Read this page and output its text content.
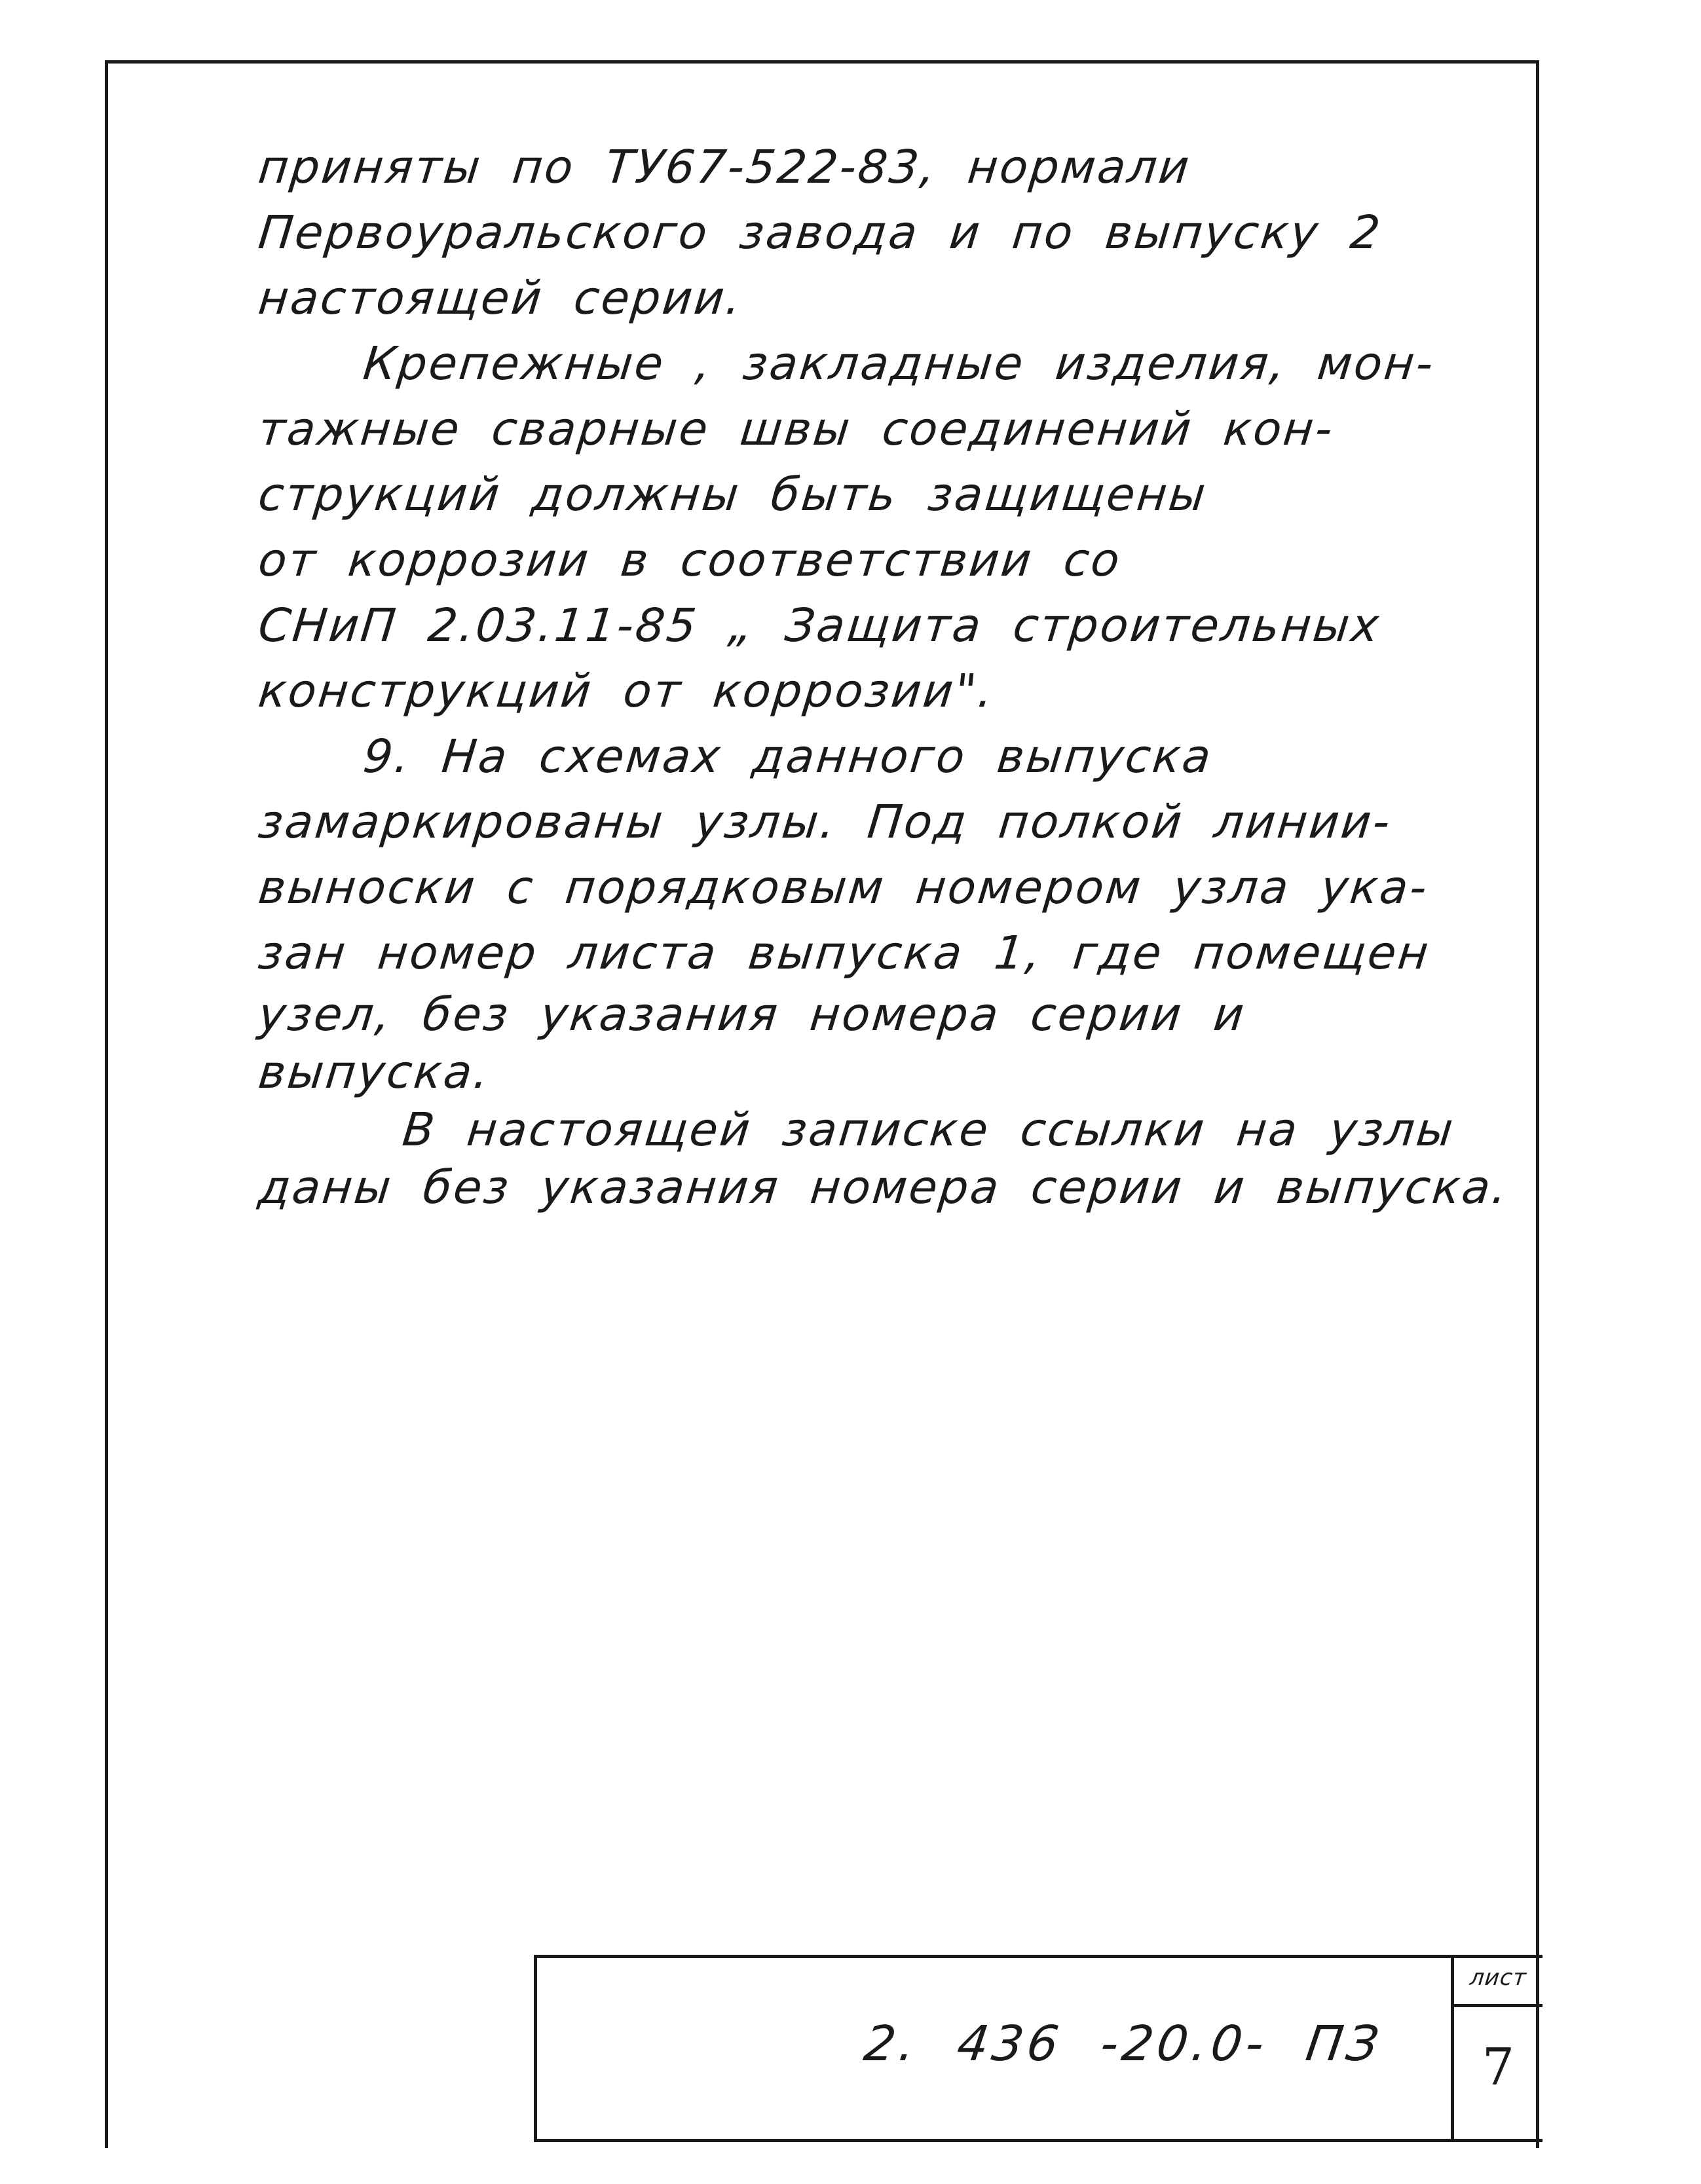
приняты по ТУ67-522-83, нормали
Первоуральского завода и по выпуску 2
настоящей серии.
Крепежные , закладные изделия, мон-
тажные сварные швы соединений кон-
струкций должны быть защищены
от коррозии в соответствии со
СНиП 2.03.11-85 „ Защита строительных
конструкций от коррозии".
9. На схемах данного выпуска
замаркированы узлы. Под полкой линии-
выноски с порядковым номером узла ука-
зан номер листа выпуска 1, где помещен
узел, без указания номера серии и
выпуска.
В настоящей записке ссылки на узлы
даны без указания номера серии и выпуска.
2. 436 -20.0- ПЗ
лист
7
